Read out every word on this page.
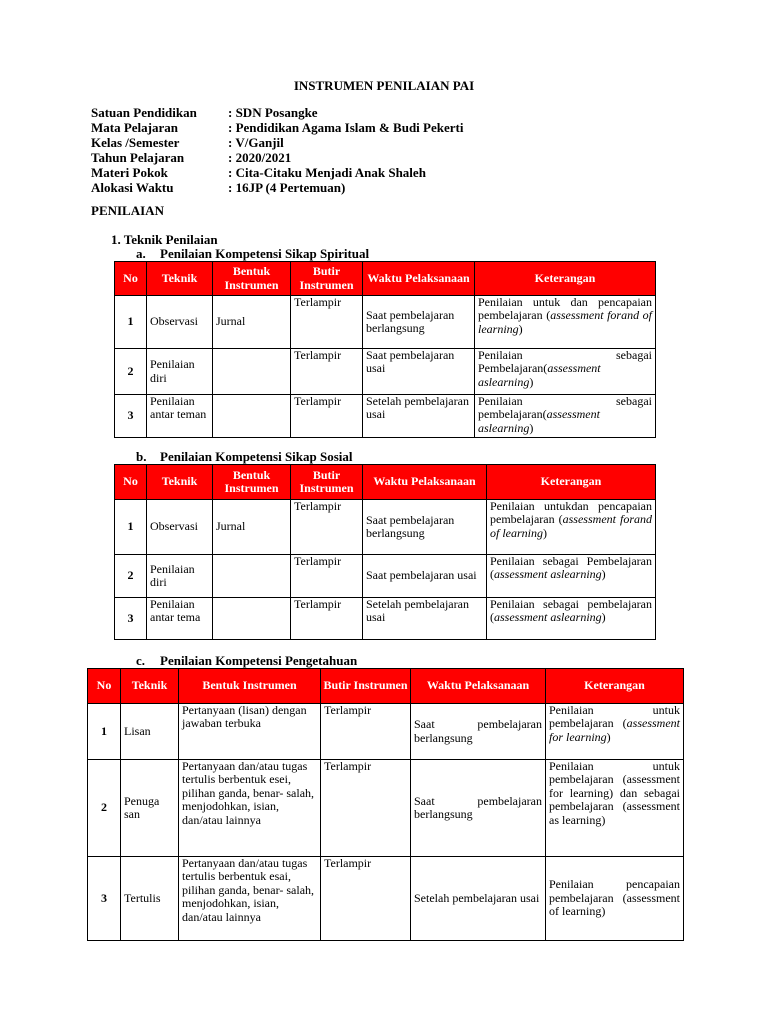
INSTRUMEN PENILAIAN PAI
Satuan Pendidikan	: SDN Posangke
Mata Pelajaran	: Pendidikan Agama Islam & Budi Pekerti
Kelas /Semester	: V/Ganjil
Tahun Pelajaran	: 2020/2021
Materi Pokok	: Cita-Citaku Menjadi Anak Shaleh
Alokasi Waktu	: 16JP (4 Pertemuan)
PENILAIAN
1. Teknik Penilaian
a. Penilaian Kompetensi Sikap Spiritual
No	Teknik	Bentuk Instrumen	Butir Instrumen	Waktu Pelaksanaan	Keterangan
1	Observasi	Jurnal	Terlampir	Saat pembelajaran berlangsung	Penilaian untuk dan pencapaian pembelajaran (assessment forand of learning)
2	Penilaian diri		Terlampir	Saat pembelajaran usai	Penilaian sebagai Pembelajaran(assessment aslearning)
3	Penilaian antar teman		Terlampir	Setelah pembelajaran usai	Penilaian sebagai pembelajaran(assessment aslearning)
b. Penilaian Kompetensi Sikap Sosial
No	Teknik	Bentuk Instrumen	Butir Instrumen	Waktu Pelaksanaan	Keterangan
1	Observasi	Jurnal	Terlampir	Saat pembelajaran berlangsung	Penilaian untukdan pencapaian pembelajaran (assessment forand of learning)
2	Penilaian diri		Terlampir	Saat pembelajaran usai	Penilaian sebagai Pembelajaran (assessment aslearning)
3	Penilaian antar tema		Terlampir	Setelah pembelajaran usai	Penilaian sebagai pembelajaran (assessment aslearning)
c. Penilaian Kompetensi Pengetahuan
No	Teknik	Bentuk Instrumen	Butir Instrumen	Waktu Pelaksanaan	Keterangan
1	Lisan	Pertanyaan (lisan) dengan jawaban terbuka	Terlampir	Saat pembelajaran berlangsung	Penilaian untuk pembelajaran (assessment for learning)
2	Penuga san	Pertanyaan dan/atau tugas tertulis berbentuk esei, pilihan ganda, benar- salah, menjodohkan, isian, dan/atau lainnya	Terlampir	Saat pembelajaran berlangsung	Penilaian untuk pembelajaran (assessment for learning) dan sebagai pembelajaran (assessment as learning)
3	Tertulis	Pertanyaan dan/atau tugas tertulis berbentuk esai, pilihan ganda, benar- salah, menjodohkan, isian, dan/atau lainnya	Terlampir	Setelah pembelajaran usai	Penilaian pencapaian pembelajaran (assessment of learning)
